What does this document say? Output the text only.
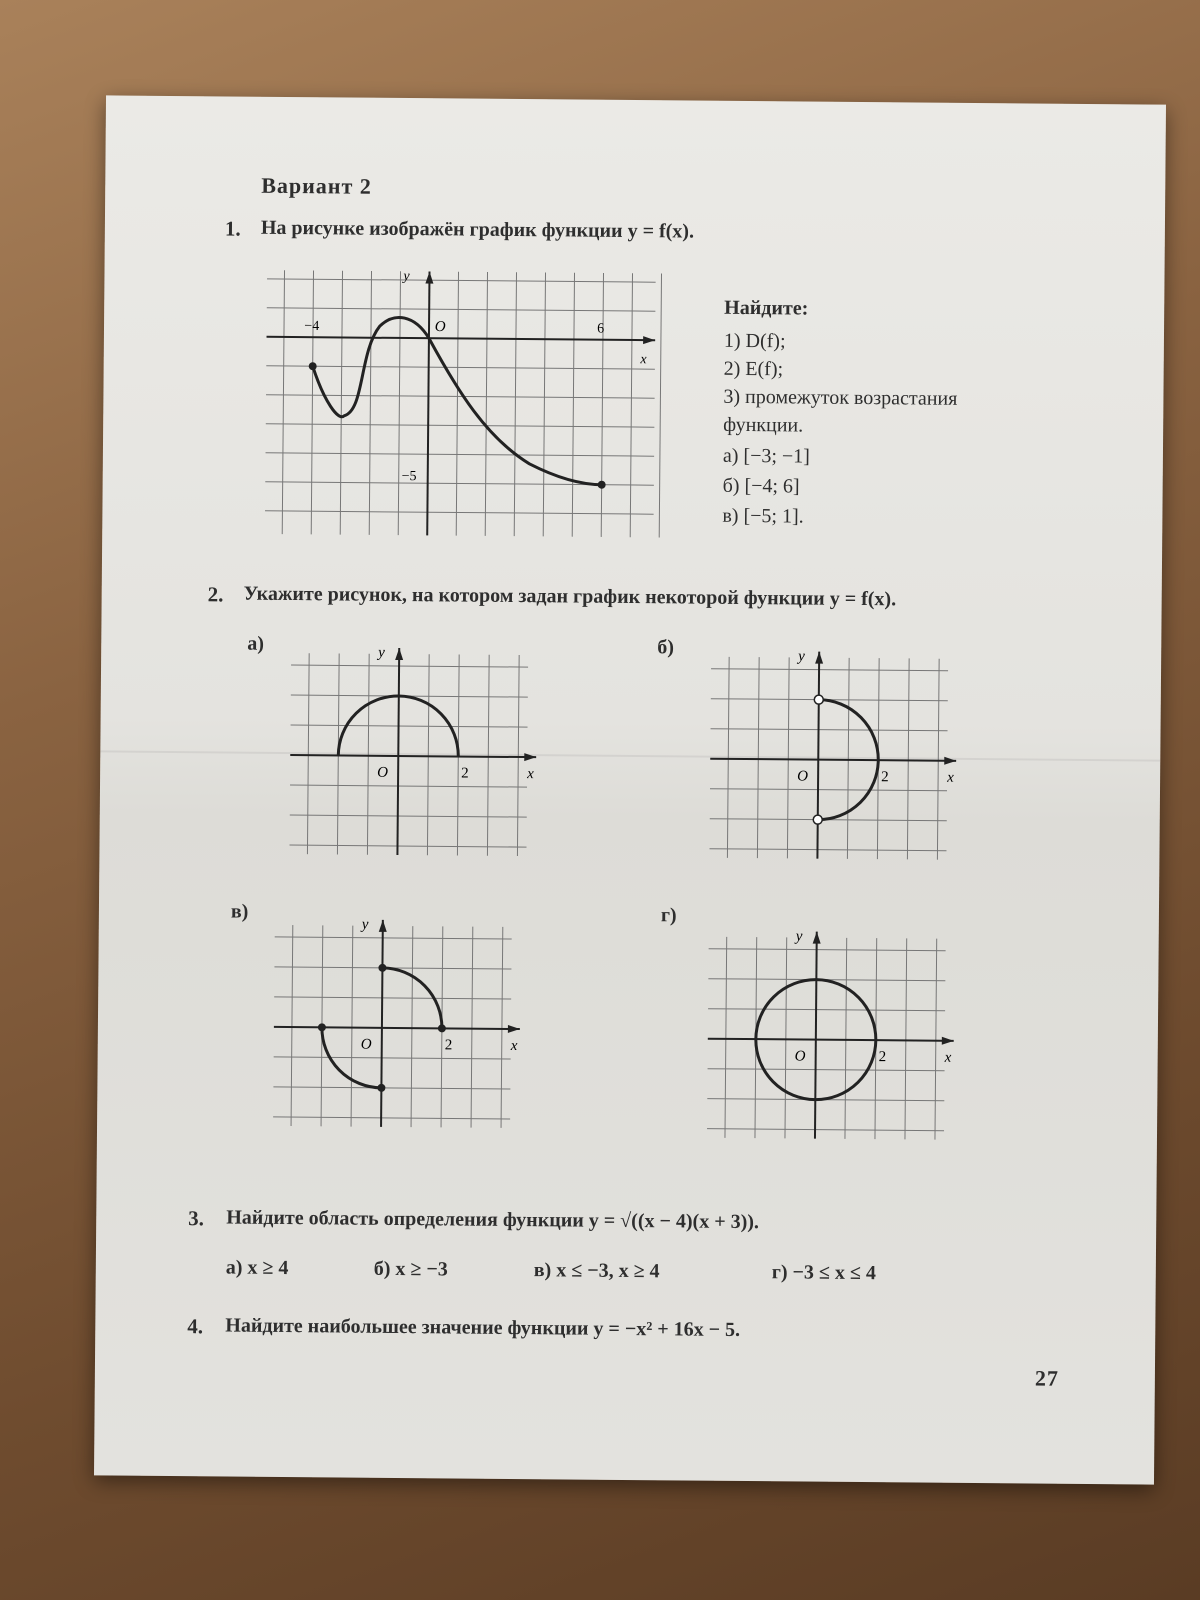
Вариант 2
1. На рисунке изображён график функции y = f(x).
x
y
O
−4	6
−5
Найдите:
1) D(f);
2) E(f);
3) промежуток возрастания функции.
а) [−3; −1]
б) [−4; 6]
в) [−5; 1].
2. Укажите рисунок, на котором задан график некоторой функции y = f(x).
а)
O	2	x
y	б)
O	2	x
y
в)
O	2	x
y	г)
O	2	x
y
3. Найдите область определения функции y = √((x − 4)(x + 3)).
а) x ≥ 4	б) x ≥ −3	в) x ≤ −3, x ≥ 4	г) −3 ≤ x ≤ 4
4. Найдите наибольшее значение функции y = −x² + 16x − 5.
27
